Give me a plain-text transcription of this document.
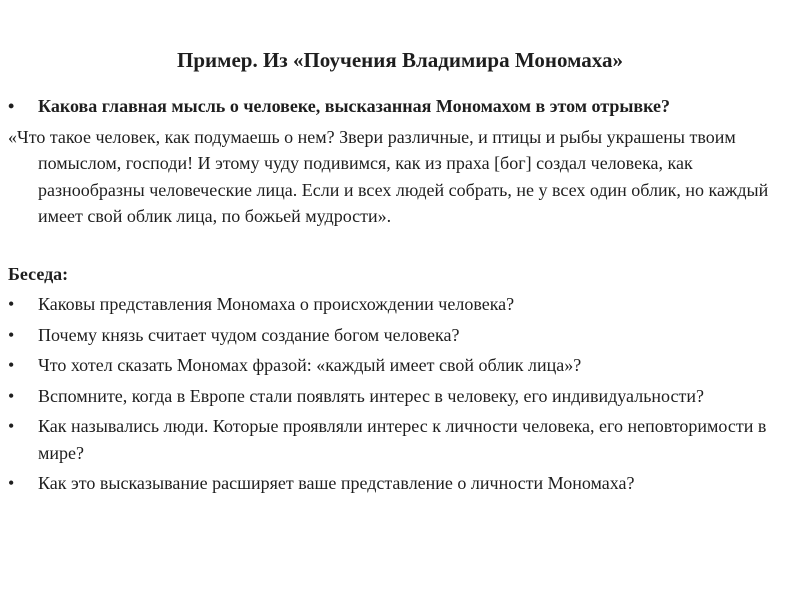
Пример. Из «Поучения Владимира Мономаха»
•	Какова главная мысль о человеке, высказанная Мономахом в этом отрывке?

«Что такое человек, как подумаешь о нем? Звери различные, и птицы и рыбы украшены твоим помыслом, господи! И этому чуду подивимся, как из праха [бог] создал человека, как разнообразны человеческие лица. Если и всех людей собрать, не у всех один облик, но каждый имеет свой облик лица, по божьей мудрости».

Беседа:

•	Каковы представления Мономаха о происхождении человека?
•	Почему князь считает чудом создание богом человека?
•	Что хотел сказать Мономах фразой: «каждый имеет свой облик лица»?
•	Вспомните, когда в Европе стали появлять интерес в человеку, его индивидуальности?
•	Как назывались люди. Которые проявляли интерес к личности человека, его неповторимости в мире?
•	Как это высказывание расширяет ваше представление о личности Мономаха?
